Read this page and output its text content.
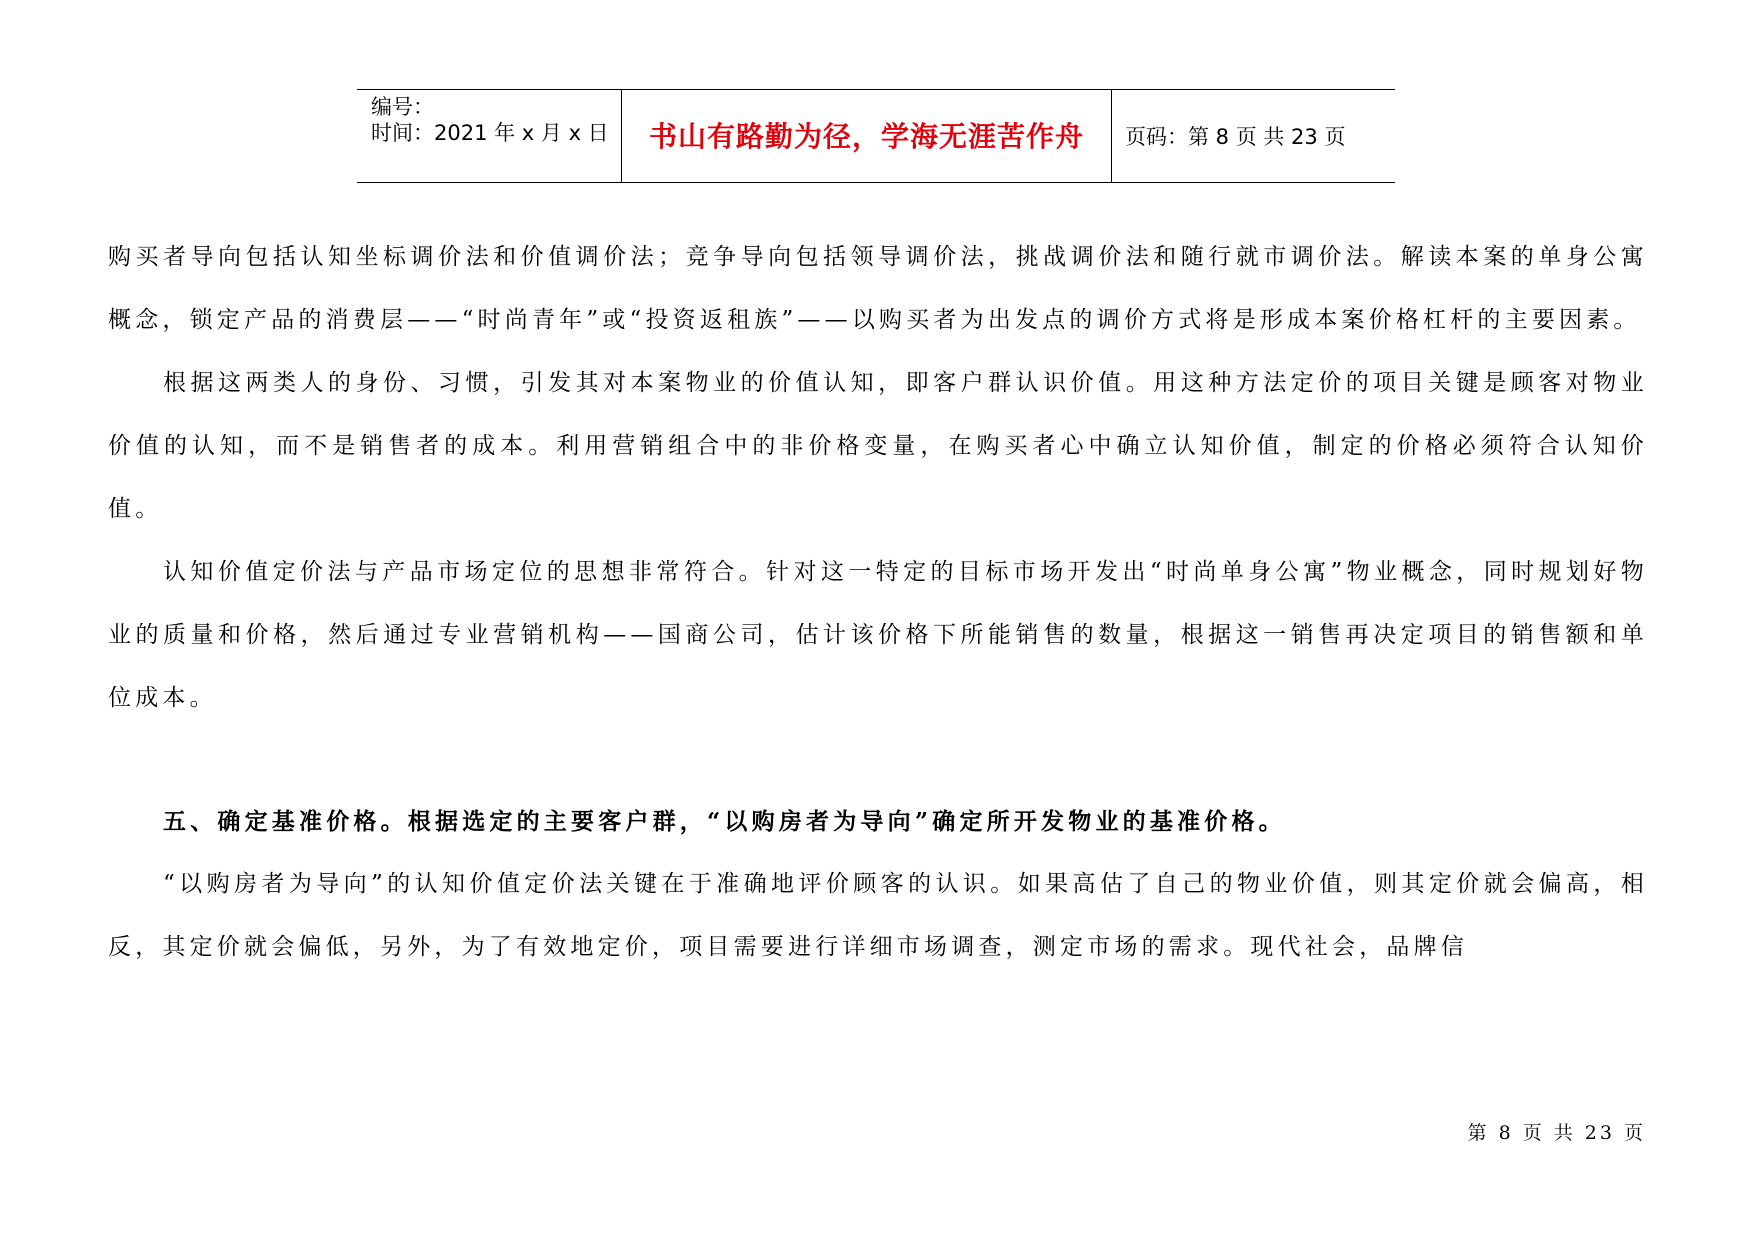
编号：
时间：2021 年 x 月 x 日	书山有路勤为径，学海无涯苦作舟	页码：第 8 页 共 23 页

购买者导向包括认知坐标调价法和价值调价法；竞争导向包括领导调价法，挑战调价法和随行就市调价法。解读本案的单身公寓概念，锁定产品的消费层——“时尚青年”或“投资返租族”——以购买者为出发点的调价方式将是形成本案价格杠杆的主要因素。

根据这两类人的身份、习惯，引发其对本案物业的价值认知，即客户群认识价值。用这种方法定价的项目关键是顾客对物业价值的认知，而不是销售者的成本。利用营销组合中的非价格变量，在购买者心中确立认知价值，制定的价格必须符合认知价值。

认知价值定价法与产品市场定位的思想非常符合。针对这一特定的目标市场开发出“时尚单身公寓”物业概念，同时规划好物业的质量和价格，然后通过专业营销机构——国商公司，估计该价格下所能销售的数量，根据这一销售再决定项目的销售额和单位成本。

五、确定基准价格。根据选定的主要客户群，“以购房者为导向”确定所开发物业的基准价格。

“以购房者为导向”的认知价值定价法关键在于准确地评价顾客的认识。如果高估了自己的物业价值，则其定价就会偏高，相反，其定价就会偏低，另外，为了有效地定价，项目需要进行详细市场调查，测定市场的需求。现代社会，品牌信

第 8 页 共 23 页
